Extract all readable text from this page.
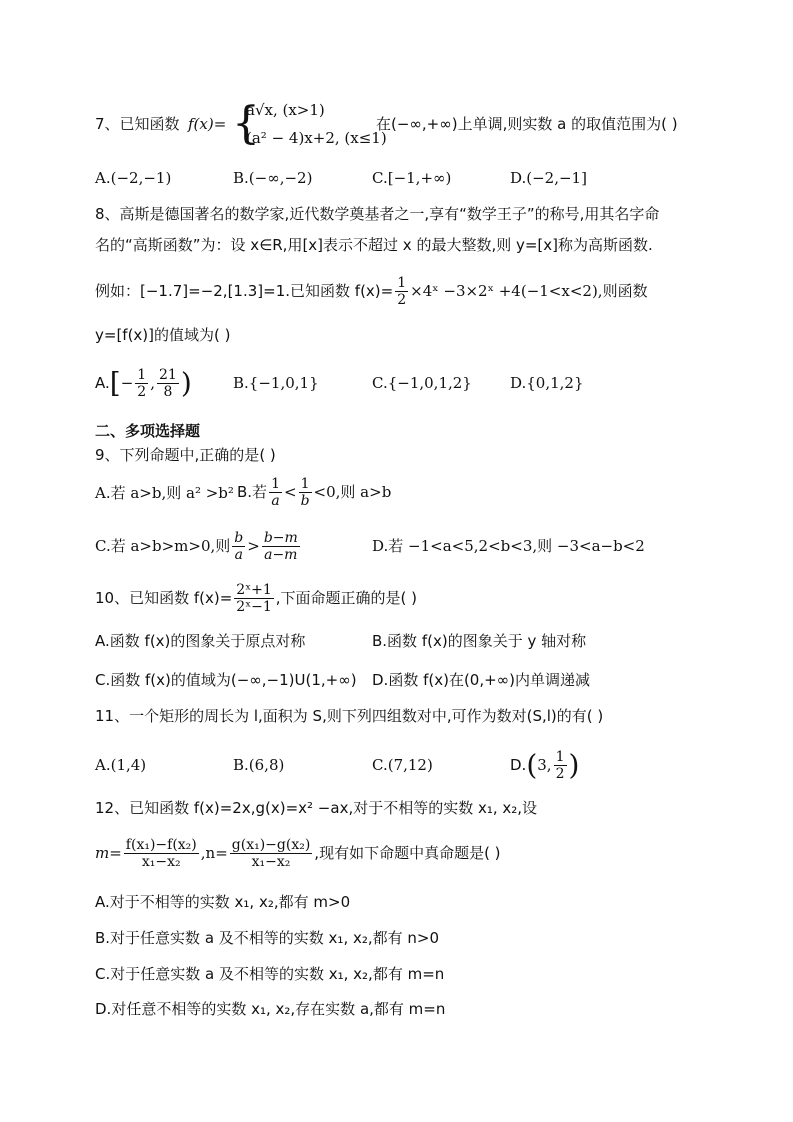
7、已知函数 f(x)= {
a√x, (x>1)
(a² − 4)x+2, (x≤1)
在(−∞,+∞)上单调,则实数 a 的取值范围为( )
A.(−2,−1)	B.(−∞,−2)	C.[−1,+∞)	D.(−2,−1]
8、高斯是德国著名的数学家,近代数学奠基者之一,享有“数学王子”的称号,用其名字命
名的“高斯函数”为：设 x∈R,用[x]表示不超过 x 的最大整数,则 y=[x]称为高斯函数.
例如：[−1.7]=−2,[1.3]=1.已知函数 $f(x)= \frac{1}{2}$ ×4ˣ −3×2ˣ +4(−1<x<2),则函数
y=[f(x)]的值域为( )
$A.[- \frac{1}{2}$ , $\frac{21}{8}$ )	B.{−1,0,1}	C.{−1,0,1,2}	D.{0,1,2}
二、多项选择题
9、下列命题中,正确的是( )
A.若 a>b,则 a² >b² B.若 $\frac{1}{a} < \frac{1}{b} <0$,则 a>b
C.若 a>b>m>0,则 $\frac{b}{a} > \frac{b-m}{a-m}$	D.若 −1<a<5,2<b<3,则 −3<a−b<2
10、已知函数 $f(x)= \frac{\text{2ˣ+1}}{\text{2ˣ−1}}$ ,下面命题正确的是( )
A.函数 f(x)的图象关于原点对称	B.函数 f(x)的图象关于 y 轴对称
C.函数 f(x)的值域为(−∞,−1)U(1,+∞) D.函数 f(x)在(0,+∞)内单调递减
11、一个矩形的周长为 l,面积为 S,则下列四组数对中,可作为数对(S,l)的有( )
A.(1,4)	B.(6,8)	C.(7,12)	D.(3, $\frac{1}{2}$ )
12、已知函数 f(x)=2x,g(x)=x² −ax,对于不相等的实数 x₁, x₂,设
$m= \frac{\text{f(x₁)−f(x₂)}}{\text{x₁−x₂}} ,n= \frac{\text{g(x₁)−g(x₂)}}{\text{x₁−x₂}}$ ,现有如下命题中真命题是( )
A.对于不相等的实数 x₁, x₂,都有 m>0
B.对于任意实数 a 及不相等的实数 x₁, x₂,都有 n>0
C.对于任意实数 a 及不相等的实数 x₁, x₂,都有 m=n
D.对任意不相等的实数 x₁, x₂,存在实数 a,都有 m=n
